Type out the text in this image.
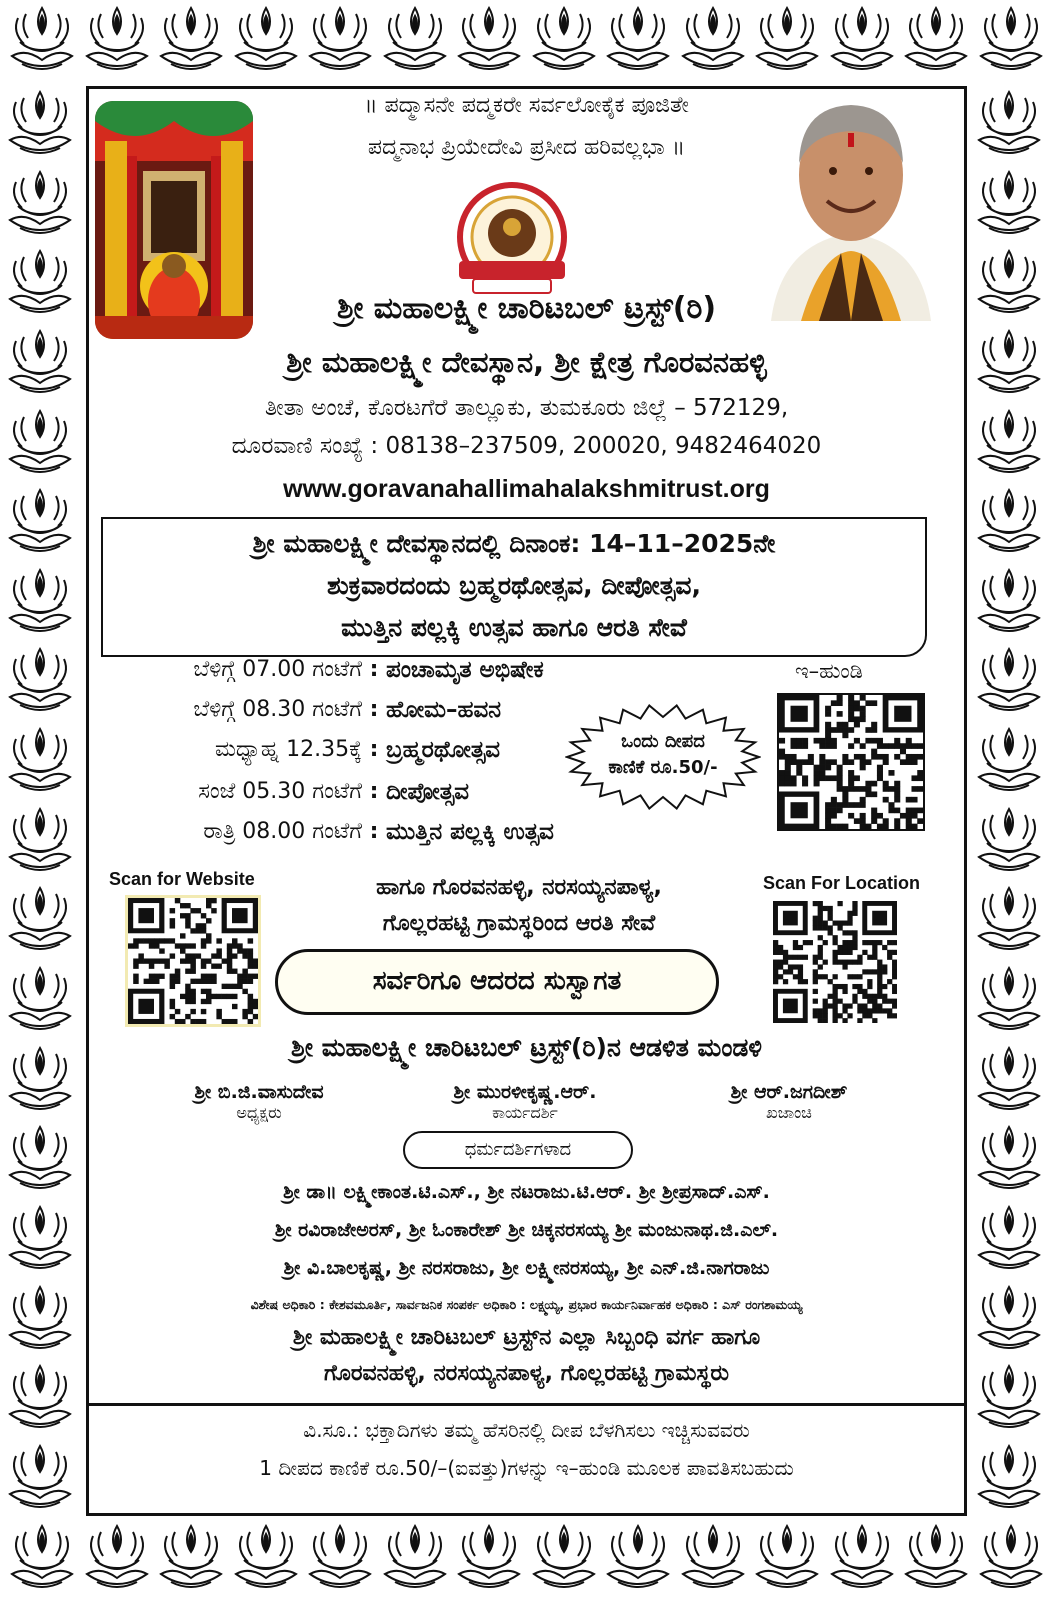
॥ ಪದ್ಮಾಸನೇ ಪದ್ಮಕರೇ ಸರ್ವಲೋಕೈಕ ಪೂಜಿತೇ
ಪದ್ಮನಾಭ ಪ್ರಿಯೇದೇವಿ ಪ್ರಸೀದ ಹರಿವಲ್ಲಭಾ ॥
ಶ್ರೀ ಮಹಾಲಕ್ಷ್ಮೀ ಚಾರಿಟಬಲ್ ಟ್ರಸ್ಟ್(ರಿ)
ಶ್ರೀ ಮಹಾಲಕ್ಷ್ಮೀ ದೇವಸ್ಥಾನ, ಶ್ರೀ ಕ್ಷೇತ್ರ ಗೊರವನಹಳ್ಳಿ
ತೀತಾ ಅಂಚೆ, ಕೊರಟಗೆರೆ ತಾಲ್ಲೂಕು, ತುಮಕೂರು ಜಿಲ್ಲೆ – 572129,
ದೂರವಾಣಿ ಸಂಖ್ಯೆ : 08138–237509, 200020, 9482464020
www.goravanahallimahalakshmitrust.org
ಶ್ರೀ ಮಹಾಲಕ್ಷ್ಮೀ ದೇವಸ್ಥಾನದಲ್ಲಿ ದಿನಾಂಕ: 14–11–2025ನೇ
ಶುಕ್ರವಾರದಂದು ಬ್ರಹ್ಮರಥೋತ್ಸವ, ದೀಪೋತ್ಸವ,
ಮುತ್ತಿನ ಪಲ್ಲಕ್ಕಿ ಉತ್ಸವ ಹಾಗೂ ಆರತಿ ಸೇವೆ
ಬೆಳಿಗ್ಗೆ 07.00 ಗಂಟೆಗೆ : ಪಂಚಾಮೃತ ಅಭಿಷೇಕ
ಬೆಳಿಗ್ಗೆ 08.30 ಗಂಟೆಗೆ : ಹೋಮ–ಹವನ
ಮಧ್ಯಾಹ್ನ 12.35ಕ್ಕೆ : ಬ್ರಹ್ಮರಥೋತ್ಸವ
ಸಂಜೆ 05.30 ಗಂಟೆಗೆ : ದೀಪೋತ್ಸವ
ರಾತ್ರಿ 08.00 ಗಂಟೆಗೆ : ಮುತ್ತಿನ ಪಲ್ಲಕ್ಕಿ ಉತ್ಸವ
ಒಂದು ದೀಪದ
ಕಾಣಿಕೆ ರೂ.50/-
ಇ–ಹುಂಡಿ
Scan for Website	Scan For Location
ಹಾಗೂ ಗೊರವನಹಳ್ಳಿ, ನರಸಯ್ಯನಪಾಳ್ಯ,
ಗೊಲ್ಲರಹಟ್ಟಿ ಗ್ರಾಮಸ್ಥರಿಂದ ಆರತಿ ಸೇವೆ
ಸರ್ವರಿಗೂ ಆದರದ ಸುಸ್ವಾಗತ
ಶ್ರೀ ಮಹಾಲಕ್ಷ್ಮೀ ಚಾರಿಟಬಲ್ ಟ್ರಸ್ಟ್(ರಿ)ನ ಆಡಳಿತ ಮಂಡಳಿ
ಶ್ರೀ ಬಿ.ಜಿ.ವಾಸುದೇವ
ಅಧ್ಯಕ್ಷರು
ಶ್ರೀ ಮುರಳೀಕೃಷ್ಣ.ಆರ್.
ಕಾರ್ಯದರ್ಶಿ
ಶ್ರೀ ಆರ್.ಜಗದೀಶ್
ಖಜಾಂಚಿ
ಧರ್ಮದರ್ಶಿಗಳಾದ
ಶ್ರೀ ಡಾ॥ ಲಕ್ಷ್ಮೀಕಾಂತ.ಟಿ.ಎಸ್., ಶ್ರೀ ನಟರಾಜು.ಟಿ.ಆರ್. ಶ್ರೀ ಶ್ರೀಪ್ರಸಾದ್.ಎಸ್.
ಶ್ರೀ ರವಿರಾಜೇಅರಸ್, ಶ್ರೀ ಓಂಕಾರೇಶ್ ಶ್ರೀ ಚಿಕ್ಕನರಸಯ್ಯ ಶ್ರೀ ಮಂಜುನಾಥ.ಜಿ.ಎಲ್.
ಶ್ರೀ ವಿ.ಬಾಲಕೃಷ್ಣ, ಶ್ರೀ ನರಸರಾಜು, ಶ್ರೀ ಲಕ್ಷ್ಮೀನರಸಯ್ಯ, ಶ್ರೀ ಎನ್.ಜಿ.ನಾಗರಾಜು
ವಿಶೇಷ ಅಧಿಕಾರಿ : ಕೇಶವಮೂರ್ತಿ, ಸಾರ್ವಜನಿಕ ಸಂಪರ್ಕ ಅಧಿಕಾರಿ : ಲಕ್ಷ್ಮಯ್ಯ, ಪ್ರಭಾರ ಕಾರ್ಯನಿರ್ವಾಹಕ ಅಧಿಕಾರಿ : ಎಸ್ ರಂಗಶಾಮಯ್ಯ
ಶ್ರೀ ಮಹಾಲಕ್ಷ್ಮೀ ಚಾರಿಟಬಲ್ ಟ್ರಸ್ಟ್‌ನ ಎಲ್ಲಾ ಸಿಬ್ಬಂಧಿ ವರ್ಗ ಹಾಗೂ
ಗೊರವನಹಳ್ಳಿ, ನರಸಯ್ಯನಪಾಳ್ಯ, ಗೊಲ್ಲರಹಟ್ಟಿ ಗ್ರಾಮಸ್ಥರು
ವಿ.ಸೂ.: ಭಕ್ತಾದಿಗಳು ತಮ್ಮ ಹೆಸರಿನಲ್ಲಿ ದೀಪ ಬೆಳಗಿಸಲು ಇಚ್ಚಿಸುವವರು
1 ದೀಪದ ಕಾಣಿಕೆ ರೂ.50/–(ಐವತ್ತು)ಗಳನ್ನು ಇ–ಹುಂಡಿ ಮೂಲಕ ಪಾವತಿಸಬಹುದು
